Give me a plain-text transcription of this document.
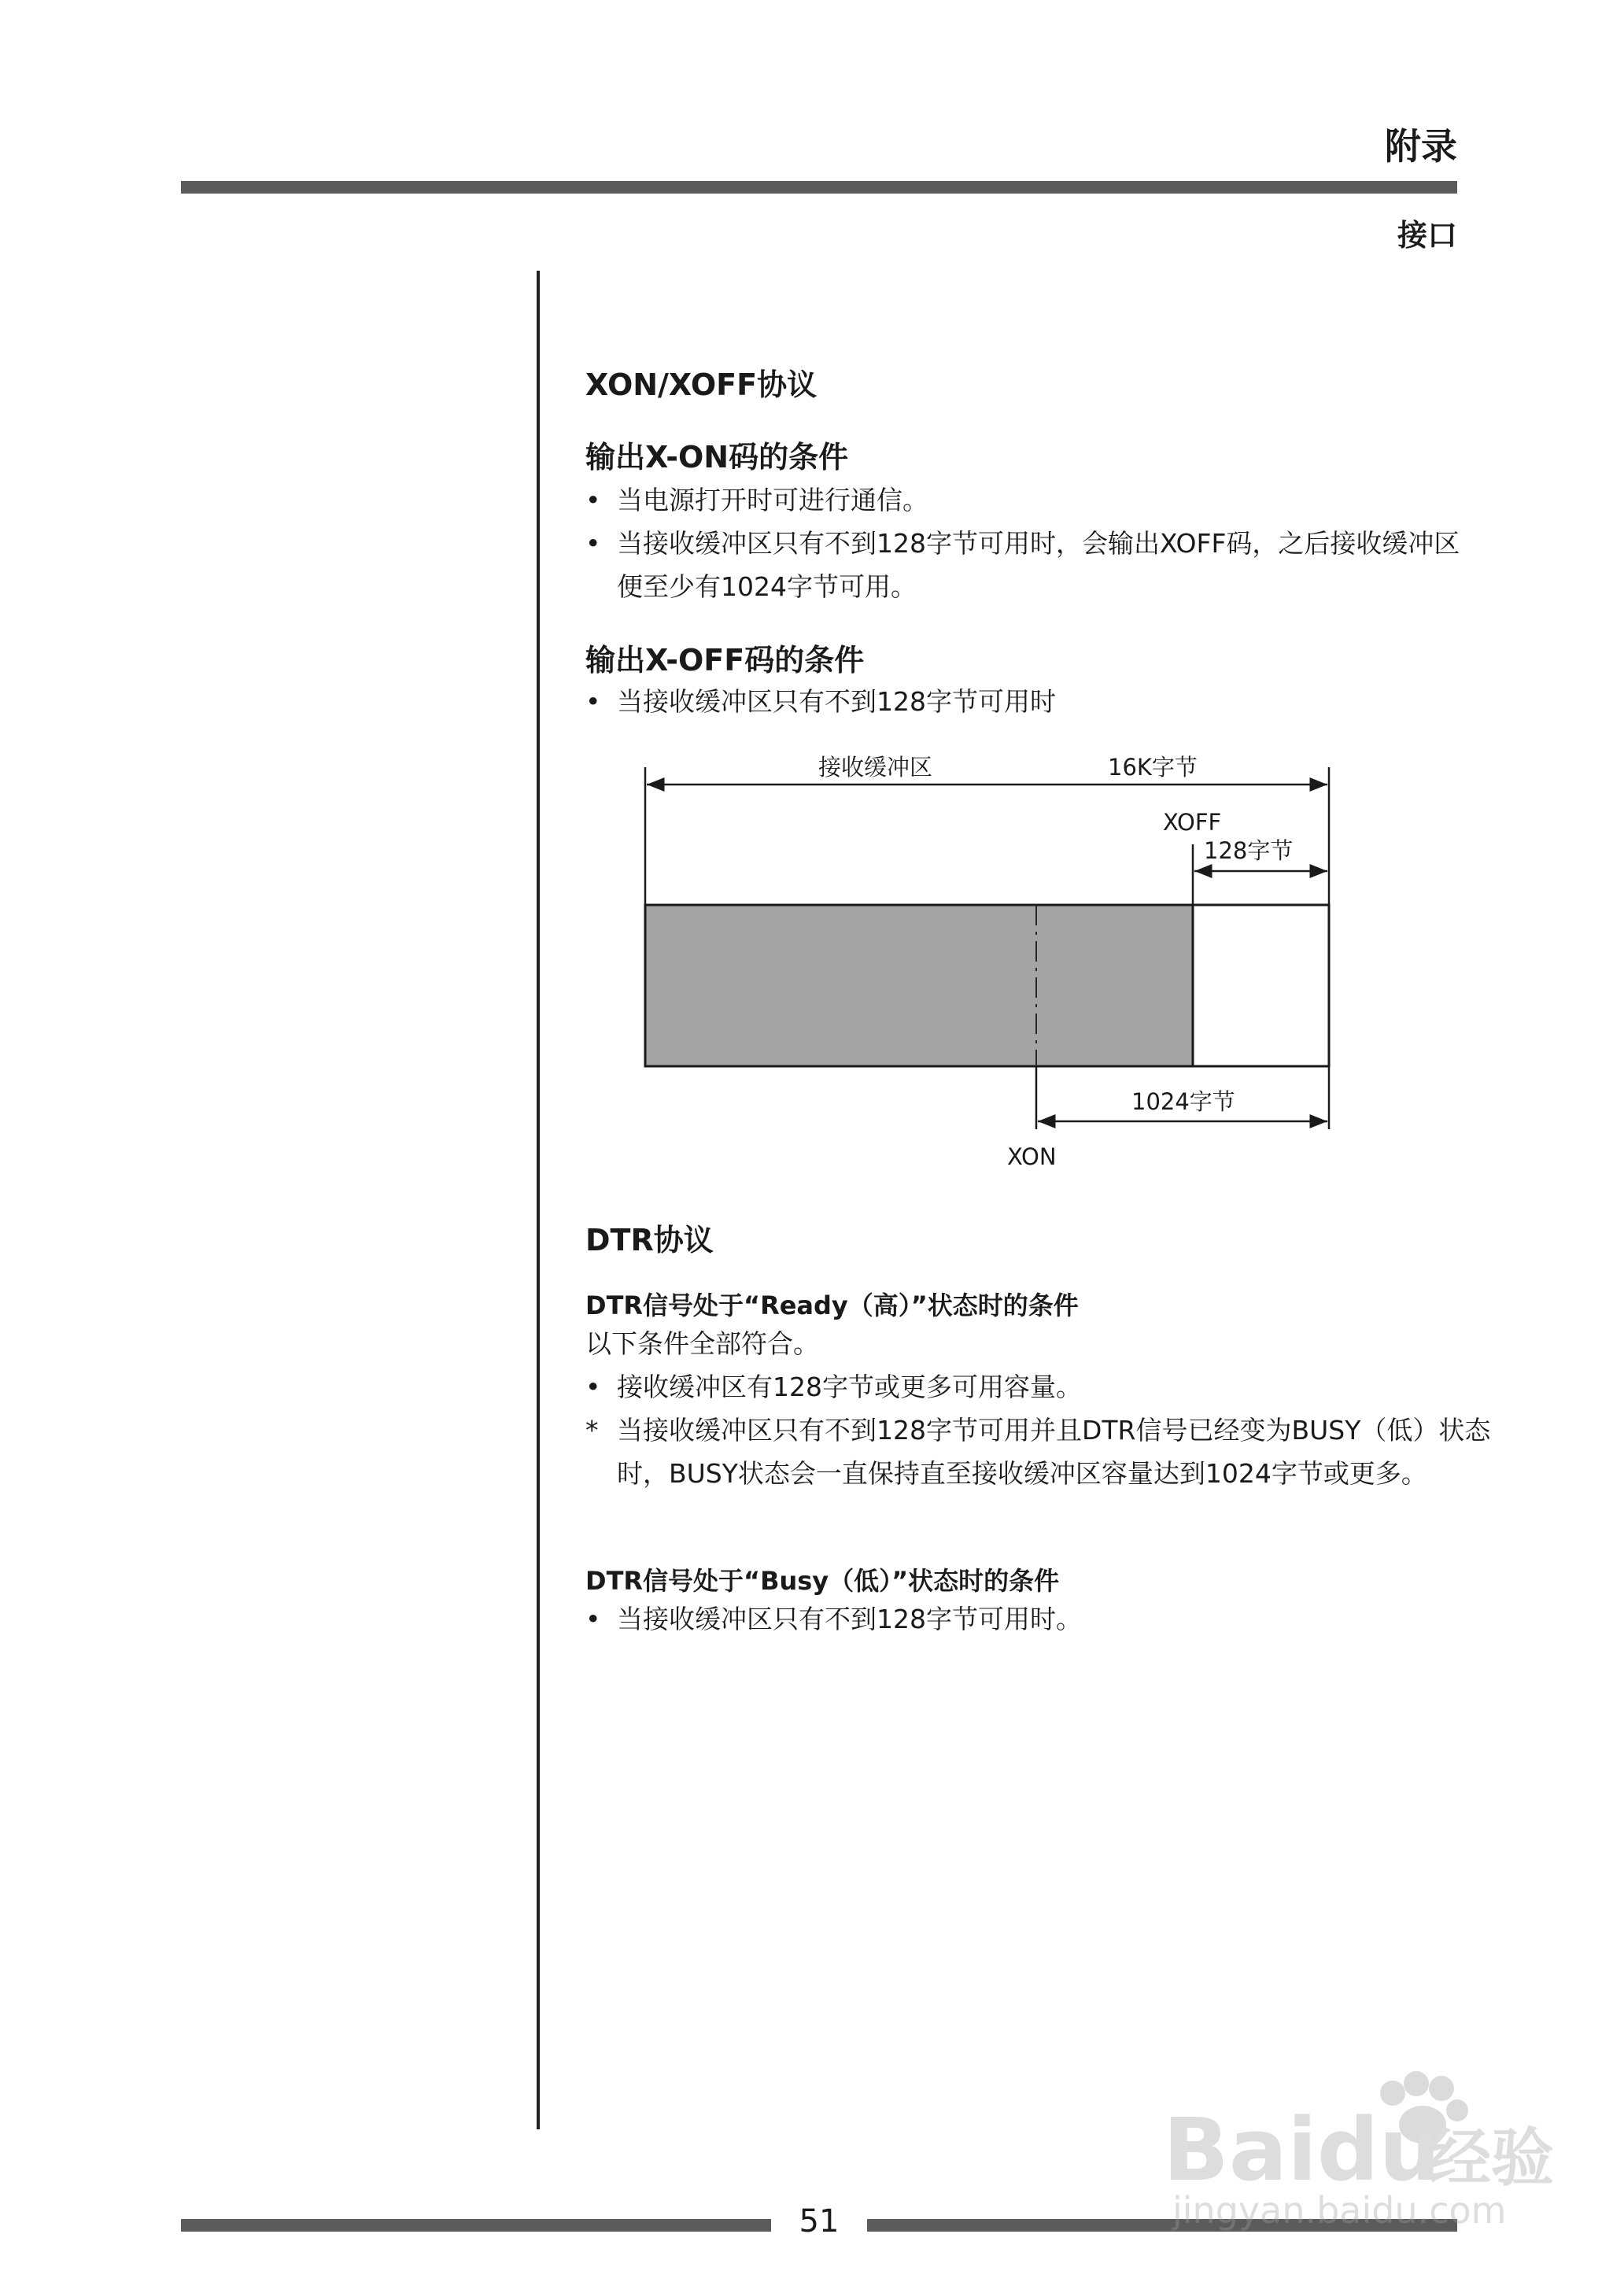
附录
接口
XON/XOFF协议
输出X-ON码的条件
• 当电源打开时可进行通信。
• 当接收缓冲区只有不到128字节可用时，会输出XOFF码，之后接收缓冲区便至少有1024字节可用。
输出X-OFF码的条件
• 当接收缓冲区只有不到128字节可用时
接收缓冲区	16K字节
XOFF
128字节
1024字节
XON
DTR协议
DTR信号处于“Ready（高）”状态时的条件
以下条件全部符合。
• 接收缓冲区有128字节或更多可用容量。
* 当接收缓冲区只有不到128字节可用并且DTR信号已经变为BUSY（低）状态时，BUSY状态会一直保持直至接收缓冲区容量达到1024字节或更多。
DTR信号处于“Busy（低）”状态时的条件
• 当接收缓冲区只有不到128字节可用时。
51
Baidu
经验
jingyan.baidu.com
